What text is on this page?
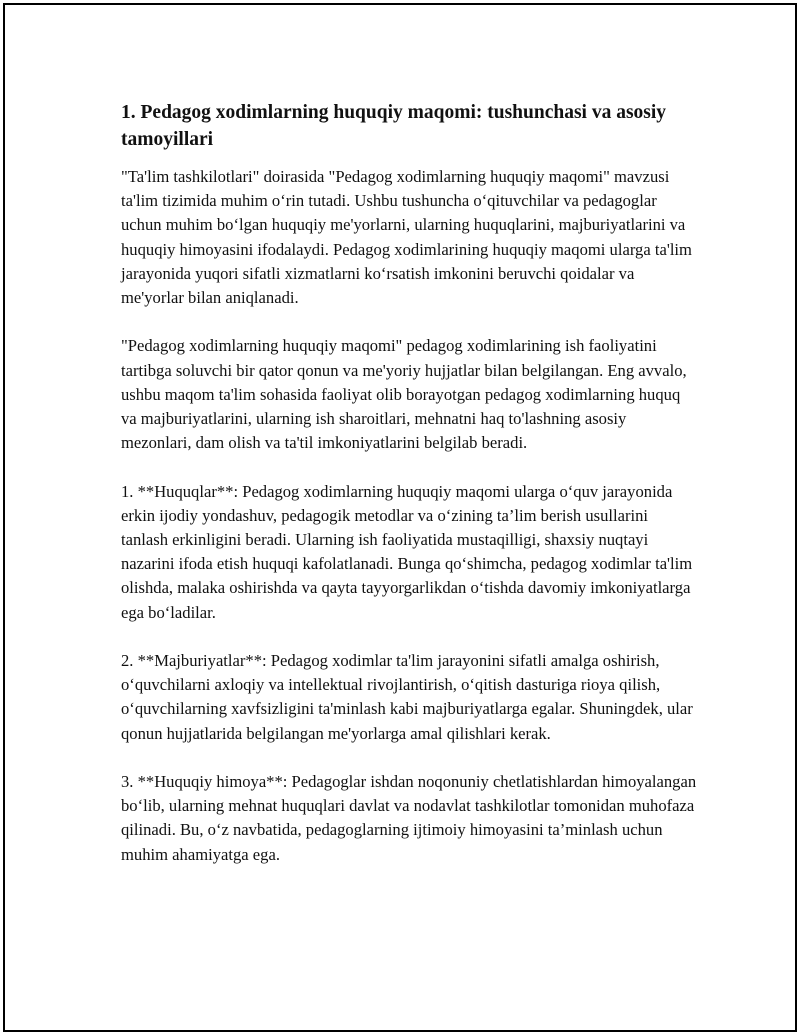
1. Pedagog xodimlarning huquqiy maqomi: tushunchasi va asosiy tamoyillari

"Ta'lim tashkilotlari" doirasida "Pedagog xodimlarning huquqiy maqomi" mavzusi ta'lim tizimida muhim o‘rin tutadi. Ushbu tushuncha o‘qituvchilar va pedagoglar uchun muhim bo‘lgan huquqiy me'yorlarni, ularning huquqlarini, majburiyatlarini va huquqiy himoyasini ifodalaydi. Pedagog xodimlarining huquqiy maqomi ularga ta'lim jarayonida yuqori sifatli xizmatlarni ko‘rsatish imkonini beruvchi qoidalar va me'yorlar bilan aniqlanadi.

"Pedagog xodimlarning huquqiy maqomi" pedagog xodimlarining ish faoliyatini tartibga soluvchi bir qator qonun va me'yoriy hujjatlar bilan belgilangan. Eng avvalo, ushbu maqom ta'lim sohasida faoliyat olib borayotgan pedagog xodimlarning huquq va majburiyatlarini, ularning ish sharoitlari, mehnatni haq to'lashning asosiy mezonlari, dam olish va ta'til imkoniyatlarini belgilab beradi.

1. **Huquqlar**: Pedagog xodimlarning huquqiy maqomi ularga o‘quv jarayonida erkin ijodiy yondashuv, pedagogik metodlar va o‘zining ta’lim berish usullarini tanlash erkinligini beradi. Ularning ish faoliyatida mustaqilligi, shaxsiy nuqtayi nazarini ifoda etish huquqi kafolatlanadi. Bunga qo‘shimcha, pedagog xodimlar ta'lim olishda, malaka oshirishda va qayta tayyorgarlikdan o‘tishda davomiy imkoniyatlarga ega bo‘ladilar.

2. **Majburiyatlar**: Pedagog xodimlar ta'lim jarayonini sifatli amalga oshirish, o‘quvchilarni axloqiy va intellektual rivojlantirish, o‘qitish dasturiga rioya qilish, o‘quvchilarning xavfsizligini ta'minlash kabi majburiyatlarga egalar. Shuningdek, ular qonun hujjatlarida belgilangan me'yorlarga amal qilishlari kerak.

3. **Huquqiy himoya**: Pedagoglar ishdan noqonuniy chetlatishlardan himoyalangan bo‘lib, ularning mehnat huquqlari davlat va nodavlat tashkilotlar tomonidan muhofaza qilinadi. Bu, o‘z navbatida, pedagoglarning ijtimoiy himoyasini ta’minlash uchun muhim ahamiyatga ega.
